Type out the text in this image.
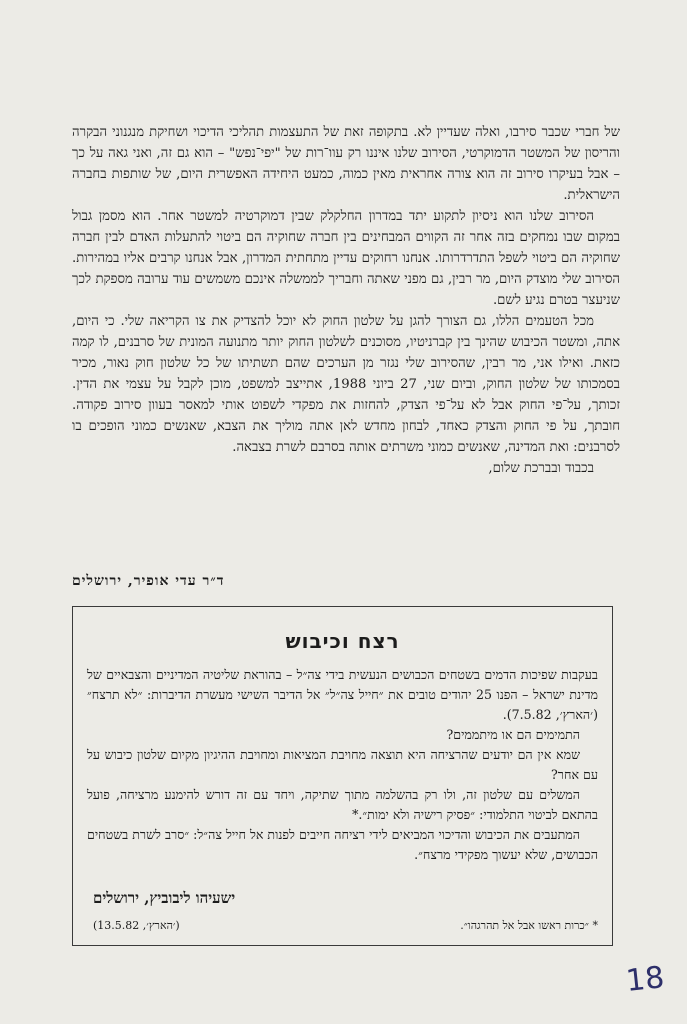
של חברי שכבר סירבו, ואלה שעדיין לא. בתקופה זאת של התעצמות תהליכי הדיכוי ושחיקת מנגנוני הבקרה והריסון של המשטר הדמוקרטי, הסירוב שלנו איננו רק עוו־רות של "יפי־נפש" – הוא גם זה, ואני גאה על כך – אבל בעיקרו סירוב זה הוא צורה אחראית מאין כמוה, כמעט היחידה האפשרית היום, של שותפות בחברה הישראלית.

הסירוב שלנו הוא ניסיון לתקוע יתד במדרון החלקלק שבין דמוקרטיה למשטר אחר. הוא מסמן גבול במקום שבו נמחקים בזה אחר זה הקווים המבחינים בין חברה שחוקיה הם ביטוי להתעלות האדם לבין חברה שחוקיה הם ביטוי לשפל התדרדרותו. אנחנו רחוקים עדיין מתחתית המדרון, אבל אנחנו קרבים אליו במהירות. הסירוב שלי מוצדק היום, מר רבין, גם מפני שאתה וחבריך לממשלה אינכם משמשים עוד ערובה מספקת לכך שניעצר בטרם נגיע לשם.

מכל הטעמים הללו, גם הצורך להגן על שלטון החוק לא יוכל להצדיק את צו הקריאה שלי. כי היום, אתה, ומשטר הכיבוש שהינך בין קברניטיו, מסוכנים לשלטון החוק יותר מתנועה המונית של סרבנים, לו קמה כזאת. ואילו אני, מר רבין, שהסירוב שלי נגזר מן הערכים שהם תשתיתו של כל שלטון חוק נאור, מכיר בסמכותו של שלטון החוק, וביום שני, 27 ביוני 1988, אתייצב למשפט, מוכן לקבל על עצמי את הדין. זכותך, על־פי החוק אבל לא על־פי הצדק, להחזות את מפקדי לשפוט אותי למאסר בעוון סירוב פקודה. חובתך, על פי החוק והצדק כאחד, לבחון מחדש לאן אתה מוליך את הצבא, שאנשים כמוני הופכים בו לסרבנים: ואת המדינה, שאנשים כמוני משרתים אותה בסרבם לשרת בצבאה.

בכבוד ובברכת שלום,

ד״ר עדי אופיר, ירושלים
רצח וכיבוש

בעקבות שפיכות הדמים בשטחים הכבושים הנעשית בידי צה״ל – בהוראת שליטיה המדיניים והצבאיים של מדינת ישראל – הפנו 25 יהודים טובים את ״חייל צה״ל״ אל הדיבר השישי מעשרת הדיברות: ״לא תרצח״ (׳הארץ׳, 7.5.82).

התמימים הם או מיתממים?

שמא אין הם יודעים שהרציחה היא תוצאה מחויבת המציאות ומחויבת ההיגיון מקיום שלטון כיבוש על עם אחר?

המשלים עם שלטון זה, ולו רק בהשלמה מתוך שתיקה, ויחד עם זה דורש להימנע מרציחה, פועל בהתאם לביטוי התלמודי: ״פסיק רישיה ולא ימות״.*

המתעבים את הכיבוש והדיכוי המביאים לידי רציחה חייבים לפנות אל חייל צה״ל: ״סרב לשרת בשטחים הכבושים, שלא יעשוך מפקידי מרצח״.

ישעיהו ליבוביץ, ירושלים
* ״כרות ראשו אבל אל תהרגהו״.
(׳הארץ׳, 13.5.82)
18
